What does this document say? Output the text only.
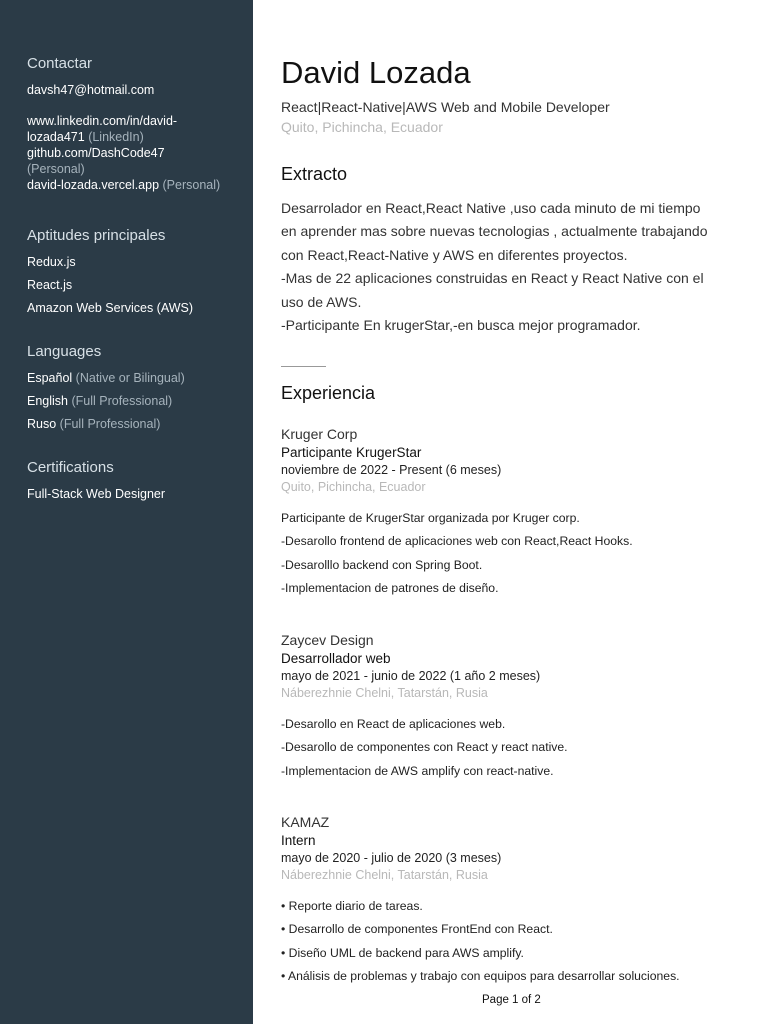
Contactar
davsh47@hotmail.com
www.linkedin.com/in/david-
lozada471 (LinkedIn)
github.com/DashCode47
(Personal)
david-lozada.vercel.app (Personal)
Aptitudes principales
Redux.js
React.js
Amazon Web Services (AWS)
Languages
Español (Native or Bilingual)
English (Full Professional)
Ruso (Full Professional)
Certifications
Full-Stack Web Designer
David Lozada
React|React-Native|AWS Web and Mobile Developer
Quito, Pichincha, Ecuador
Extracto
Desarrolador en React,React Native ,uso cada minuto de mi tiempo
en aprender mas sobre nuevas tecnologias , actualmente trabajando
con React,React-Native y AWS en diferentes proyectos.
-Mas de 22 aplicaciones construidas en React y React Native con el
uso de AWS.
-Participante En krugerStar,-en busca mejor programador.
Experiencia
Kruger Corp
Participante KrugerStar
noviembre de 2022 - Present (6 meses)
Quito, Pichincha, Ecuador
Participante de KrugerStar organizada por Kruger corp.
-Desarollo frontend de aplicaciones web con React,React Hooks.
-Desarolllo backend con Spring Boot.
-Implementacion de patrones de diseño.
Zaycev Design
Desarrollador web
mayo de 2021 - junio de 2022 (1 año 2 meses)
Náberezhnie Chelni, Tatarstán, Rusia
-Desarollo en React de aplicaciones web.
-Desarollo de componentes con React y react native.
-Implementacion de AWS amplify con react-native.
KAMAZ
Intern
mayo de 2020 - julio de 2020 (3 meses)
Náberezhnie Chelni, Tatarstán, Rusia
• Reporte diario de tareas.
• Desarrollo de componentes FrontEnd con React.
• Diseño UML de backend para AWS amplify.
• Análisis de problemas y trabajo con equipos para desarrollar soluciones.
Page 1 of 2
